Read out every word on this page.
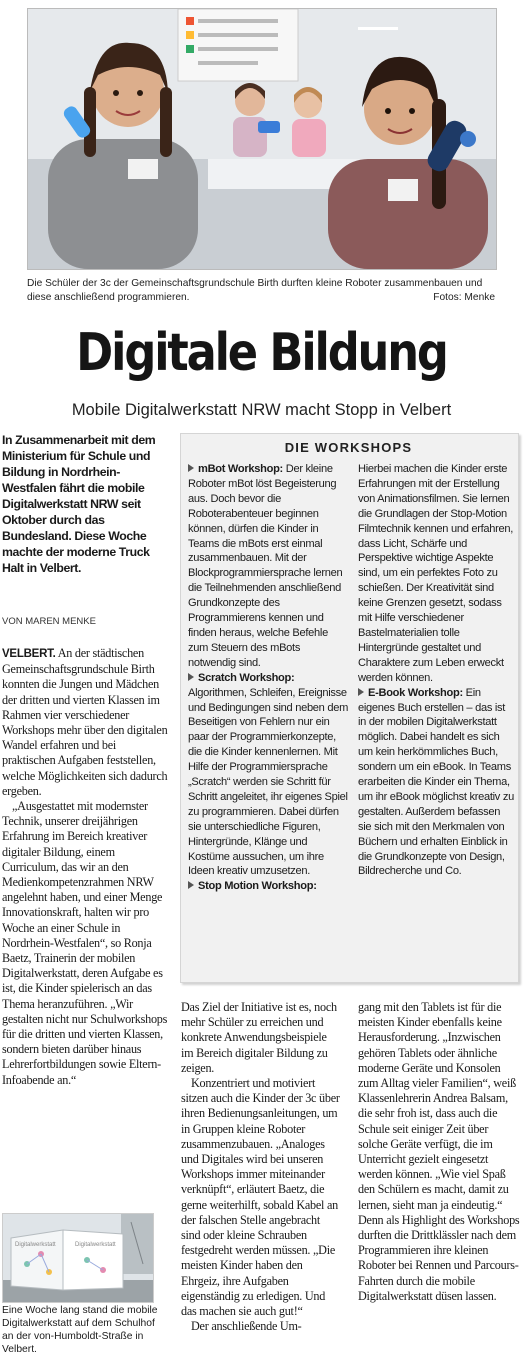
Die Schüler der 3c der Gemeinschaftsgrundschule Birth durften kleine Roboter zusammenbauen und diese anschließend programmieren.	Fotos: Menke
Digitale Bildung
Mobile Digitalwerkstatt NRW macht Stopp in Velbert
In Zusammenarbeit mit dem Ministerium für Schule und Bildung in Nordrhein-Westfalen fährt die mobile Digitalwerkstatt NRW seit Oktober durch das Bundesland. Diese Woche machte der moderne Truck Halt in Velbert.
VON MAREN MENKE

VELBERT. An der städtischen Gemeinschaftsgrundschule Birth konnten die Jungen und Mädchen der dritten und vierten Klassen im Rahmen vier verschiedener Workshops mehr über den digitalen Wandel erfahren und bei praktischen Aufgaben feststellen, welche Möglichkeiten sich dadurch ergeben.

„Ausgestattet mit modernster Technik, unserer dreijährigen Erfahrung im Bereich kreativer digitaler Bildung, einem Curriculum, das wir an den Medienkompetenzrahmen NRW angelehnt haben, und einer Menge Innovationskraft, halten wir pro Woche an einer Schule in Nordrhein-Westfalen“, so Ronja Baetz, Trainerin der mobilen Digitalwerkstatt, deren Aufgabe es ist, die Kinder spielerisch an das Thema heranzuführen. „Wir gestalten nicht nur Schulworkshops für die dritten und vierten Klassen, sondern bieten darüber hinaus Lehrerfortbildungen sowie Eltern-Infoabende an.“

Digitalwerkstatt	Digitalwerkstatt
Eine Woche lang stand die mobile Digitalwerkstatt auf dem Schulhof an der von-Humboldt-Straße in Velbert.
DIE WORKSHOPS

mBot Workshop: Der kleine Roboter mBot löst Begeisterung aus. Doch bevor die Roboterabenteuer beginnen können, dürfen die Kinder in Teams die mBots erst einmal zusammenbauen. Mit der Blockprogrammiersprache lernen die Teilnehmenden anschließend Grundkonzepte des Programmierens kennen und finden heraus, welche Befehle zum Steuern des mBots notwendig sind.

Scratch Workshop: Algorithmen, Schleifen, Ereignisse und Bedingungen sind neben dem Beseitigen von Fehlern nur ein paar der Programmierkonzepte, die die Kinder kennenlernen. Mit Hilfe der Programmiersprache „Scratch“ werden sie Schritt für Schritt angeleitet, ihr eigenes Spiel zu programmieren. Dabei dürfen sie unterschiedliche Figuren, Hintergründe, Klänge und Kostüme aussuchen, um ihre Ideen kreativ umzusetzen.

Stop Motion Workshop:

Hierbei machen die Kinder erste Erfahrungen mit der Erstellung von Animationsfilmen. Sie lernen die Grundlagen der Stop-Motion Filmtechnik kennen und erfahren, dass Licht, Schärfe und Perspektive wichtige Aspekte sind, um ein perfektes Foto zu schießen. Der Kreativität sind keine Grenzen gesetzt, sodass mit Hilfe verschiedener Bastelmaterialien tolle Hintergründe gestaltet und Charaktere zum Leben erweckt werden können.

E-Book Workshop: Ein eigenes Buch erstellen – das ist in der mobilen Digitalwerkstatt möglich. Dabei handelt es sich um kein herkömmliches Buch, sondern um ein eBook. In Teams erarbeiten die Kinder ein Thema, um ihr eBook möglichst kreativ zu gestalten. Außerdem befassen sie sich mit den Merkmalen von Büchern und erhalten Einblick in die Grundkonzepte von Design, Bildrecherche und Co.

Das Ziel der Initiative ist es, noch mehr Schüler zu erreichen und konkrete Anwendungsbeispiele im Bereich digitaler Bildung zu zeigen.

Konzentriert und motiviert sitzen auch die Kinder der 3c über ihren Bedienungsanleitungen, um in Gruppen kleine Roboter zusammenzubauen. „Analoges und Digitales wird bei unseren Workshops immer miteinander verknüpft“, erläutert Baetz, die gerne weiterhilft, sobald Kabel an der falschen Stelle angebracht sind oder kleine Schrauben festgedreht werden müssen. „Die meisten Kinder haben den Ehrgeiz, ihre Aufgaben eigenständig zu erledigen. Und das machen sie auch gut!“

Der anschließende Um-

gang mit den Tablets ist für die meisten Kinder ebenfalls keine Herausforderung. „Inzwischen gehören Tablets oder ähnliche moderne Geräte und Konsolen zum Alltag vieler Familien“, weiß Klassenlehrerin Andrea Balsam, die sehr froh ist, dass auch die Schule seit einiger Zeit über solche Geräte verfügt, die im Unterricht gezielt eingesetzt werden können. „Wie viel Spaß den Schülern es macht, damit zu lernen, sieht man ja eindeutig.“ Denn als Highlight des Workshops durften die Drittklässler nach dem Programmieren ihre kleinen Roboter bei Rennen und Parcours-Fahrten durch die mobile Digitalwerkstatt düsen lassen.
